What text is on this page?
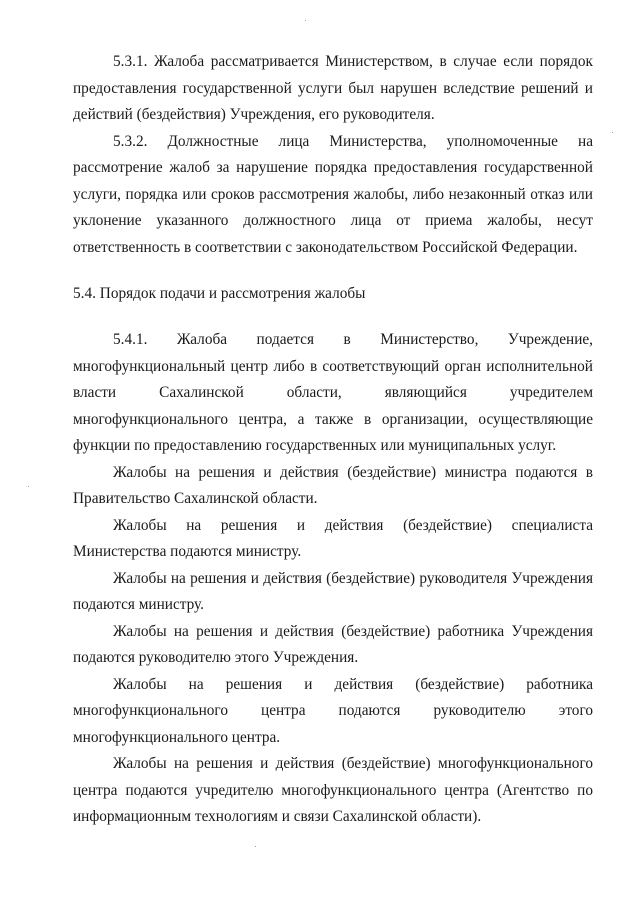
5.3.1. Жалоба рассматривается Министерством, в случае если порядок предоставления государственной услуги был нарушен вследствие решений и действий (бездействия) Учреждения, его руководителя.

5.3.2. Должностные лица Министерства, уполномоченные на рассмотрение жалоб за нарушение порядка предоставления государственной услуги, порядка или сроков рассмотрения жалобы, либо незаконный отказ или уклонение указанного должностного лица от приема жалобы, несут ответственность в соответствии с законодательством Российской Федерации.

5.4. Порядок подачи и рассмотрения жалобы

5.4.1. Жалоба подается в Министерство, Учреждение, многофункциональный центр либо в соответствующий орган исполнительной власти Сахалинской области, являющийся учредителем многофункционального центра, а также в организации, осуществляющие функции по предоставлению государственных или муниципальных услуг.

Жалобы на решения и действия (бездействие) министра подаются в Правительство Сахалинской области.

Жалобы на решения и действия (бездействие) специалиста Министерства подаются министру.

Жалобы на решения и действия (бездействие) руководителя Учреждения подаются министру.

Жалобы на решения и действия (бездействие) работника Учреждения подаются руководителю этого Учреждения.

Жалобы на решения и действия (бездействие) работника многофункционального центра подаются руководителю этого многофункционального центра.

Жалобы на решения и действия (бездействие) многофункционального центра подаются учредителю многофункционального центра (Агентство по информационным технологиям и связи Сахалинской области).
